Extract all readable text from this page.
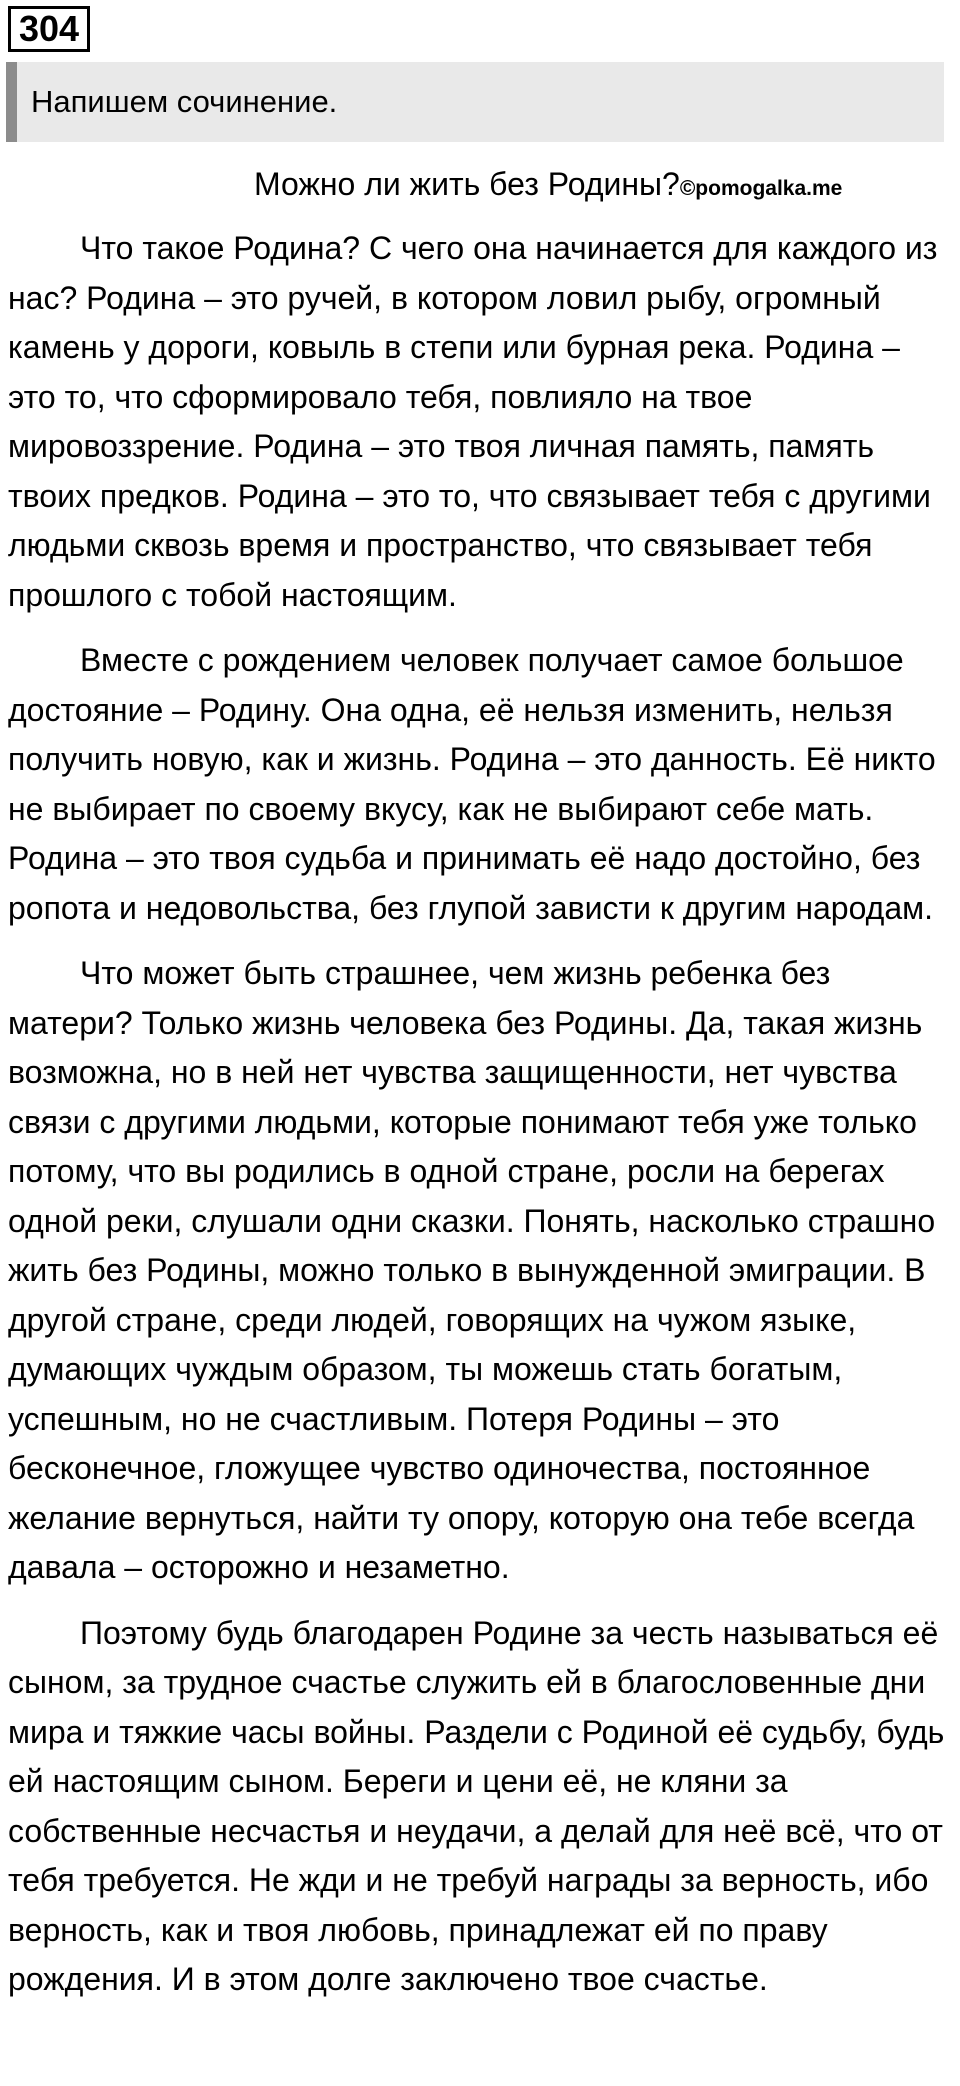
304
Напишем сочинение.
Можно ли жить без Родины?©pomogalka.me

Что такое Родина? С чего она начинается для каждого из нас? Родина – это ручей, в котором ловил рыбу, огромный камень у дороги, ковыль в степи или бурная река. Родина – это то, что сформировало тебя, повлияло на твое мировоззрение. Родина – это твоя личная память, память твоих предков. Родина – это то, что связывает тебя с другими людьми сквозь время и пространство, что связывает тебя прошлого с тобой настоящим.

Вместе с рождением человек получает самое большое достояние – Родину. Она одна, её нельзя изменить, нельзя получить новую, как и жизнь. Родина – это данность. Её никто не выбирает по своему вкусу, как не выбирают себе мать. Родина – это твоя судьба и принимать её надо достойно, без ропота и недовольства, без глупой зависти к другим народам.

Что может быть страшнее, чем жизнь ребенка без матери? Только жизнь человека без Родины. Да, такая жизнь возможна, но в ней нет чувства защищенности, нет чувства связи с другими людьми, которые понимают тебя уже только потому, что вы родились в одной стране, росли на берегах одной реки, слушали одни сказки. Понять, насколько страшно жить без Родины, можно только в вынужденной эмиграции. В другой стране, среди людей, говорящих на чужом языке, думающих чуждым образом, ты можешь стать богатым, успешным, но не счастливым. Потеря Родины – это бесконечное, гложущее чувство одиночества, постоянное желание вернуться, найти ту опору, которую она тебе всегда давала – осторожно и незаметно.

Поэтому будь благодарен Родине за честь называться её сыном, за трудное счастье служить ей в благословенные дни мира и тяжкие часы войны. Раздели с Родиной её судьбу, будь ей настоящим сыном. Береги и цени её, не кляни за собственные несчастья и неудачи, а делай для неё всё, что от тебя требуется. Не жди и не требуй награды за верность, ибо верность, как и твоя любовь, принадлежат ей по праву рождения. И в этом долге заключено твое счастье.
